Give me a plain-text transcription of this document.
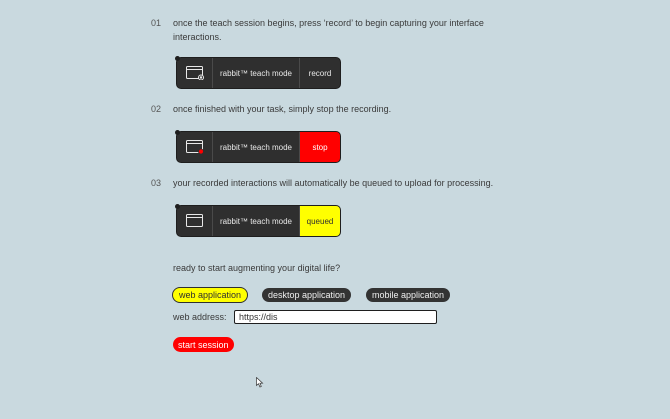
01 once the teach session begins, press ‘record’ to begin capturing your interface interactions.
rabbit™ teach mode	record
02 once finished with your task, simply stop the recording.
rabbit™ teach mode	stop
03 your recorded interactions will automatically be queued to upload for processing.
rabbit™ teach mode	queued
ready to start augmenting your digital life?
web application	desktop application	mobile application
web address:
https://dis
start session
